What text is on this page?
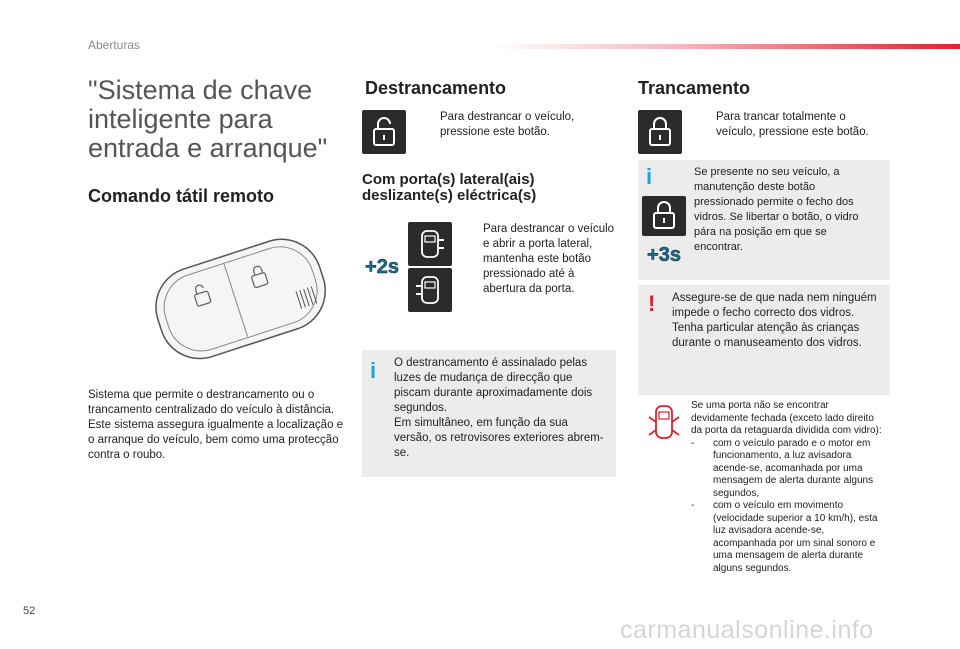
Aberturas
"Sistema de chave inteligente para entrada e arranque"
Comando tátil remoto
Sistema que permite o destrancamento ou o trancamento centralizado do veículo à distância.
Este sistema assegura igualmente a localização e o arranque do veículo, bem como uma protecção contra o roubo.
Destrancamento
Para destrancar o veículo, pressione este botão.
Com porta(s) lateral(ais) deslizante(s) eléctrica(s)
+2s
Para destrancar o veículo e abrir a porta lateral, mantenha este botão pressionado até à abertura da porta.
i O destrancamento é assinalado pelas luzes de mudança de direcção que piscam durante aproximadamente dois segundos.
Em simultâneo, em função da sua versão, os retrovisores exteriores abrem-se.
Trancamento
Para trancar totalmente o veículo, pressione este botão.
i
+3s
Se presente no seu veículo, a manutenção deste botão pressionado permite o fecho dos vidros. Se libertar o botão, o vidro pára na posição em que se encontrar.
! Assegure-se de que nada nem ninguém impede o fecho correcto dos vidros.
Tenha particular atenção às crianças durante o manuseamento dos vidros.
Se uma porta não se encontrar devidamente fechada (exceto lado direito da porta da retaguarda dividida com vidro):
-	com o veículo parado e o motor em funcionamento, a luz avisadora acende-se, acomanhada por uma mensagem de alerta durante alguns segundos,
-	com o veículo em movimento (velocidade superior a 10 km/h), esta luz avisadora acende-se, acompanhada por um sinal sonoro e uma mensagem de alerta durante alguns segundos.
52
carmanualsonline.info
